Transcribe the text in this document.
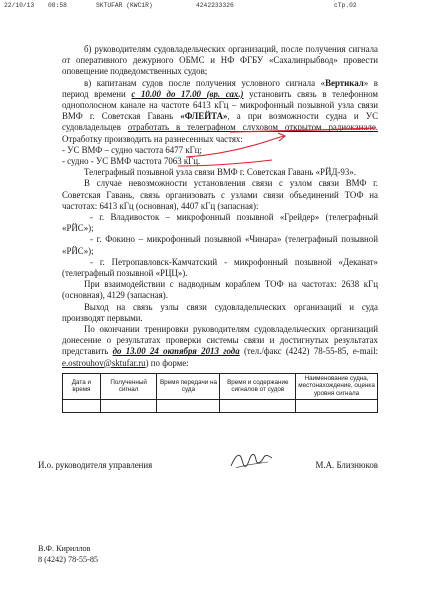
22/10/13 08:58	SKTUFAR (KWC1R)	4242233326	cTp.02

б) руководителям судовладельческих организаций, после получения сигнала от оперативного дежурного ОБМС и НФ ФГБУ «Сахалинрыбвод» провести оповещение подведомственных судов;

в) капитанам судов после получения условного сигнала «Вертикал» в период времени с 10.00 до 17.00 (вр. сах.) установить связь в телефонном однополосном канале на частоте 6413 кГц – микрофонный позывной узла связи ВМФ г. Советская Гавань «ФЛЕЙТА», а при возможности судна и УС судовладельцев отработать в телеграфном слуховом открытом радиоканале. Отработку производить на разнесенных частях:

- УС ВМФ – судно частота 6477 кГц;

- судно - УС ВМФ частота 7063 кГц.

Телеграфный позывной узла связи ВМФ г. Советская Гавань «РЙД-93».

В случае невозможности установления связи с узлом связи ВМФ г. Советская Гавань, связь организовать с узлами связи объединений ТОФ на частотах: 6413 кГц (основная), 4407 кГц (запасная):

- г. Владивосток – микрофонный позывной «Грейдер» (телеграфный «РЙС»);

- г. Фокино – микрофонный позывной «Чинара» (телеграфный позывной «РЙС»);

- г. Петропавловск-Камчатский - микрофонный позывной «Деканат» (телеграфный позывной «РЦЦ»).

При взаимодействии с надводным кораблем ТОФ на частотах: 2638 кГц (основная), 4129 (запасная).

Выход на связь узлы связи судовладельческих организаций и суда производят первыми.

По окончании тренировки руководителям судовладельческих организаций донесение о результатах проверки системы связи и достигнутых результатах представить до 13.00 24 октября 2013 года (тел./факс (4242) 78-55-85, e-mail: e.ostrouhov@sktufar.ru) по форме:

Дата и время	Полученный сигнал	Время передачи на суда	Время и содержание сигналов от судов	Наименование судна, местонахождение, оценка уровня сигнала

И.о. руководителя управления	М.А. Близнюков
В.Ф. Кириллов
8 (4242) 78-55-85
